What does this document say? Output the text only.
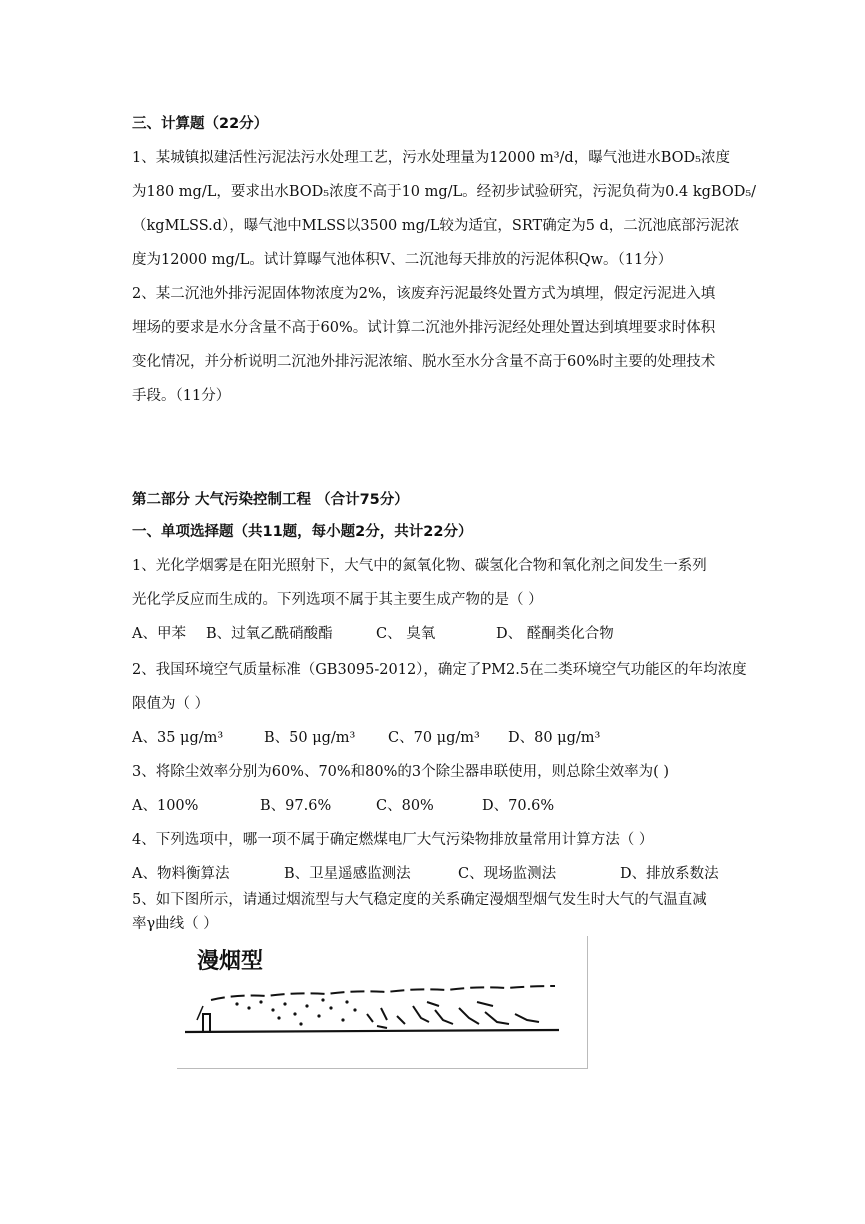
三、计算题（22分）
1、某城镇拟建活性污泥法污水处理工艺，污水处理量为12000 m³/d，曝气池进水BOD₅浓度
为180 mg/L，要求出水BOD₅浓度不高于10 mg/L。经初步试验研究，污泥负荷为0.4 kgBOD₅/
（kgMLSS.d），曝气池中MLSS以3500 mg/L较为适宜，SRT确定为5 d，二沉池底部污泥浓
度为12000 mg/L。试计算曝气池体积V、二沉池每天排放的污泥体积Qw。（11分）
2、某二沉池外排污泥固体物浓度为2%，该废弃污泥最终处置方式为填埋，假定污泥进入填
埋场的要求是水分含量不高于60%。试计算二沉池外排污泥经处理处置达到填埋要求时体积
变化情况，并分析说明二沉池外排污泥浓缩、脱水至水分含量不高于60%时主要的处理技术
手段。（11分）
第二部分 大气污染控制工程 （合计75分）
一、单项选择题（共11题，每小题2分，共计22分）
1、光化学烟雾是在阳光照射下，大气中的氮氧化物、碳氢化合物和氧化剂之间发生一系列
光化学反应而生成的。下列选项不属于其主要生成产物的是（ ）
A、甲苯 B、过氧乙酰硝酸酯	C、 臭氧	D、 醛酮类化合物
2、我国环境空气质量标准（GB3095-2012），确定了PM2.5在二类环境空气功能区的年均浓度
限值为（ ）
A、35 μg/m³	B、50 μg/m³ C、70 μg/m³ D、80 μg/m³
3、将除尘效率分别为60%、70%和80%的3个除尘器串联使用，则总除尘效率为( )
A、100%	B、97.6%	C、80%	D、70.6%
4、下列选项中，哪一项不属于确定燃煤电厂大气污染物排放量常用计算方法（ ）
A、物料衡算法	B、卫星遥感监测法	C、现场监测法	D、排放系数法
5、如下图所示，请通过烟流型与大气稳定度的关系确定漫烟型烟气发生时大气的气温直减
率γ曲线（ ）
漫烟型
